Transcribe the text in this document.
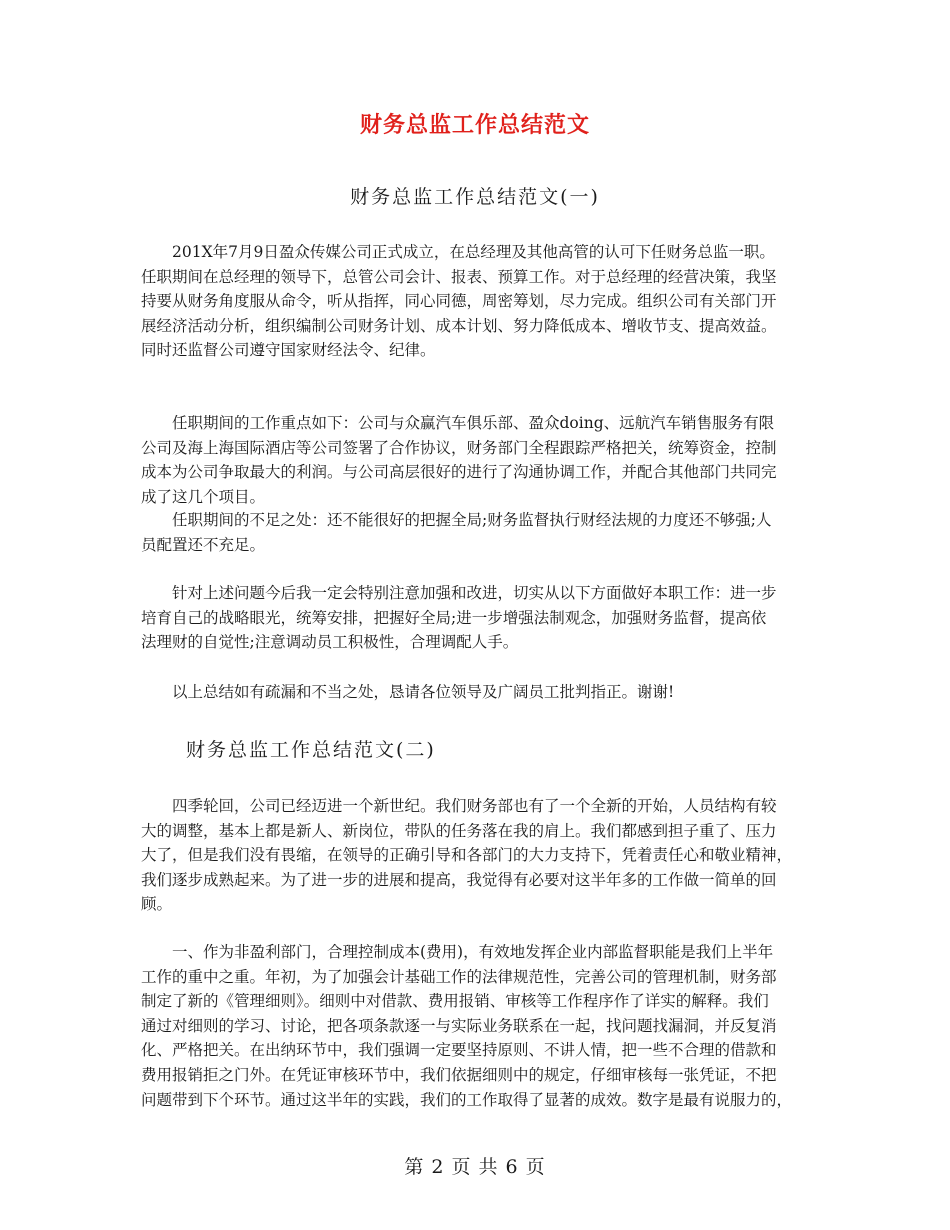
财务总监工作总结范文
财务总监工作总结范文(一)

201X年7月9日盈众传媒公司正式成立，在总经理及其他高管的认可下任财务总监一职。
任职期间在总经理的领导下，总管公司会计、报表、预算工作。对于总经理的经营决策，我坚
持要从财务角度服从命令，听从指挥，同心同德，周密筹划，尽力完成。组织公司有关部门开
展经济活动分析，组织编制公司财务计划、成本计划、努力降低成本、增收节支、提高效益。
同时还监督公司遵守国家财经法令、纪律。

任职期间的工作重点如下：公司与众赢汽车俱乐部、盈众doing、远航汽车销售服务有限
公司及海上海国际酒店等公司签署了合作协议，财务部门全程跟踪严格把关，统筹资金，控制
成本为公司争取最大的利润。与公司高层很好的进行了沟通协调工作，并配合其他部门共同完
成了这几个项目。

任职期间的不足之处：还不能很好的把握全局;财务监督执行财经法规的力度还不够强;人
员配置还不充足。

针对上述问题今后我一定会特别注意加强和改进，切实从以下方面做好本职工作：进一步
培育自己的战略眼光，统筹安排，把握好全局;进一步增强法制观念，加强财务监督，提高依
法理财的自觉性;注意调动员工积极性，合理调配人手。

以上总结如有疏漏和不当之处，恳请各位领导及广阔员工批判指正。谢谢!

财务总监工作总结范文(二)

四季轮回，公司已经迈进一个新世纪。我们财务部也有了一个全新的开始，人员结构有较
大的调整，基本上都是新人、新岗位，带队的任务落在我的肩上。我们都感到担子重了、压力
大了，但是我们没有畏缩，在领导的正确引导和各部门的大力支持下，凭着责任心和敬业精神，
我们逐步成熟起来。为了进一步的进展和提高，我觉得有必要对这半年多的工作做一简单的回
顾。

一、作为非盈利部门，合理控制成本(费用)，有效地发挥企业内部监督职能是我们上半年
工作的重中之重。年初，为了加强会计基础工作的法律规范性，完善公司的管理机制，财务部
制定了新的《管理细则》。细则中对借款、费用报销、审核等工作程序作了详实的解释。我们
通过对细则的学习、讨论，把各项条款逐一与实际业务联系在一起，找问题找漏洞，并反复消
化、严格把关。在出纳环节中，我们强调一定要坚持原则、不讲人情，把一些不合理的借款和
费用报销拒之门外。在凭证审核环节中，我们依据细则中的规定，仔细审核每一张凭证，不把
问题带到下个环节。通过这半年的实践，我们的工作取得了显著的成效。数字是最有说服力的，

第 2 页 共 6 页
